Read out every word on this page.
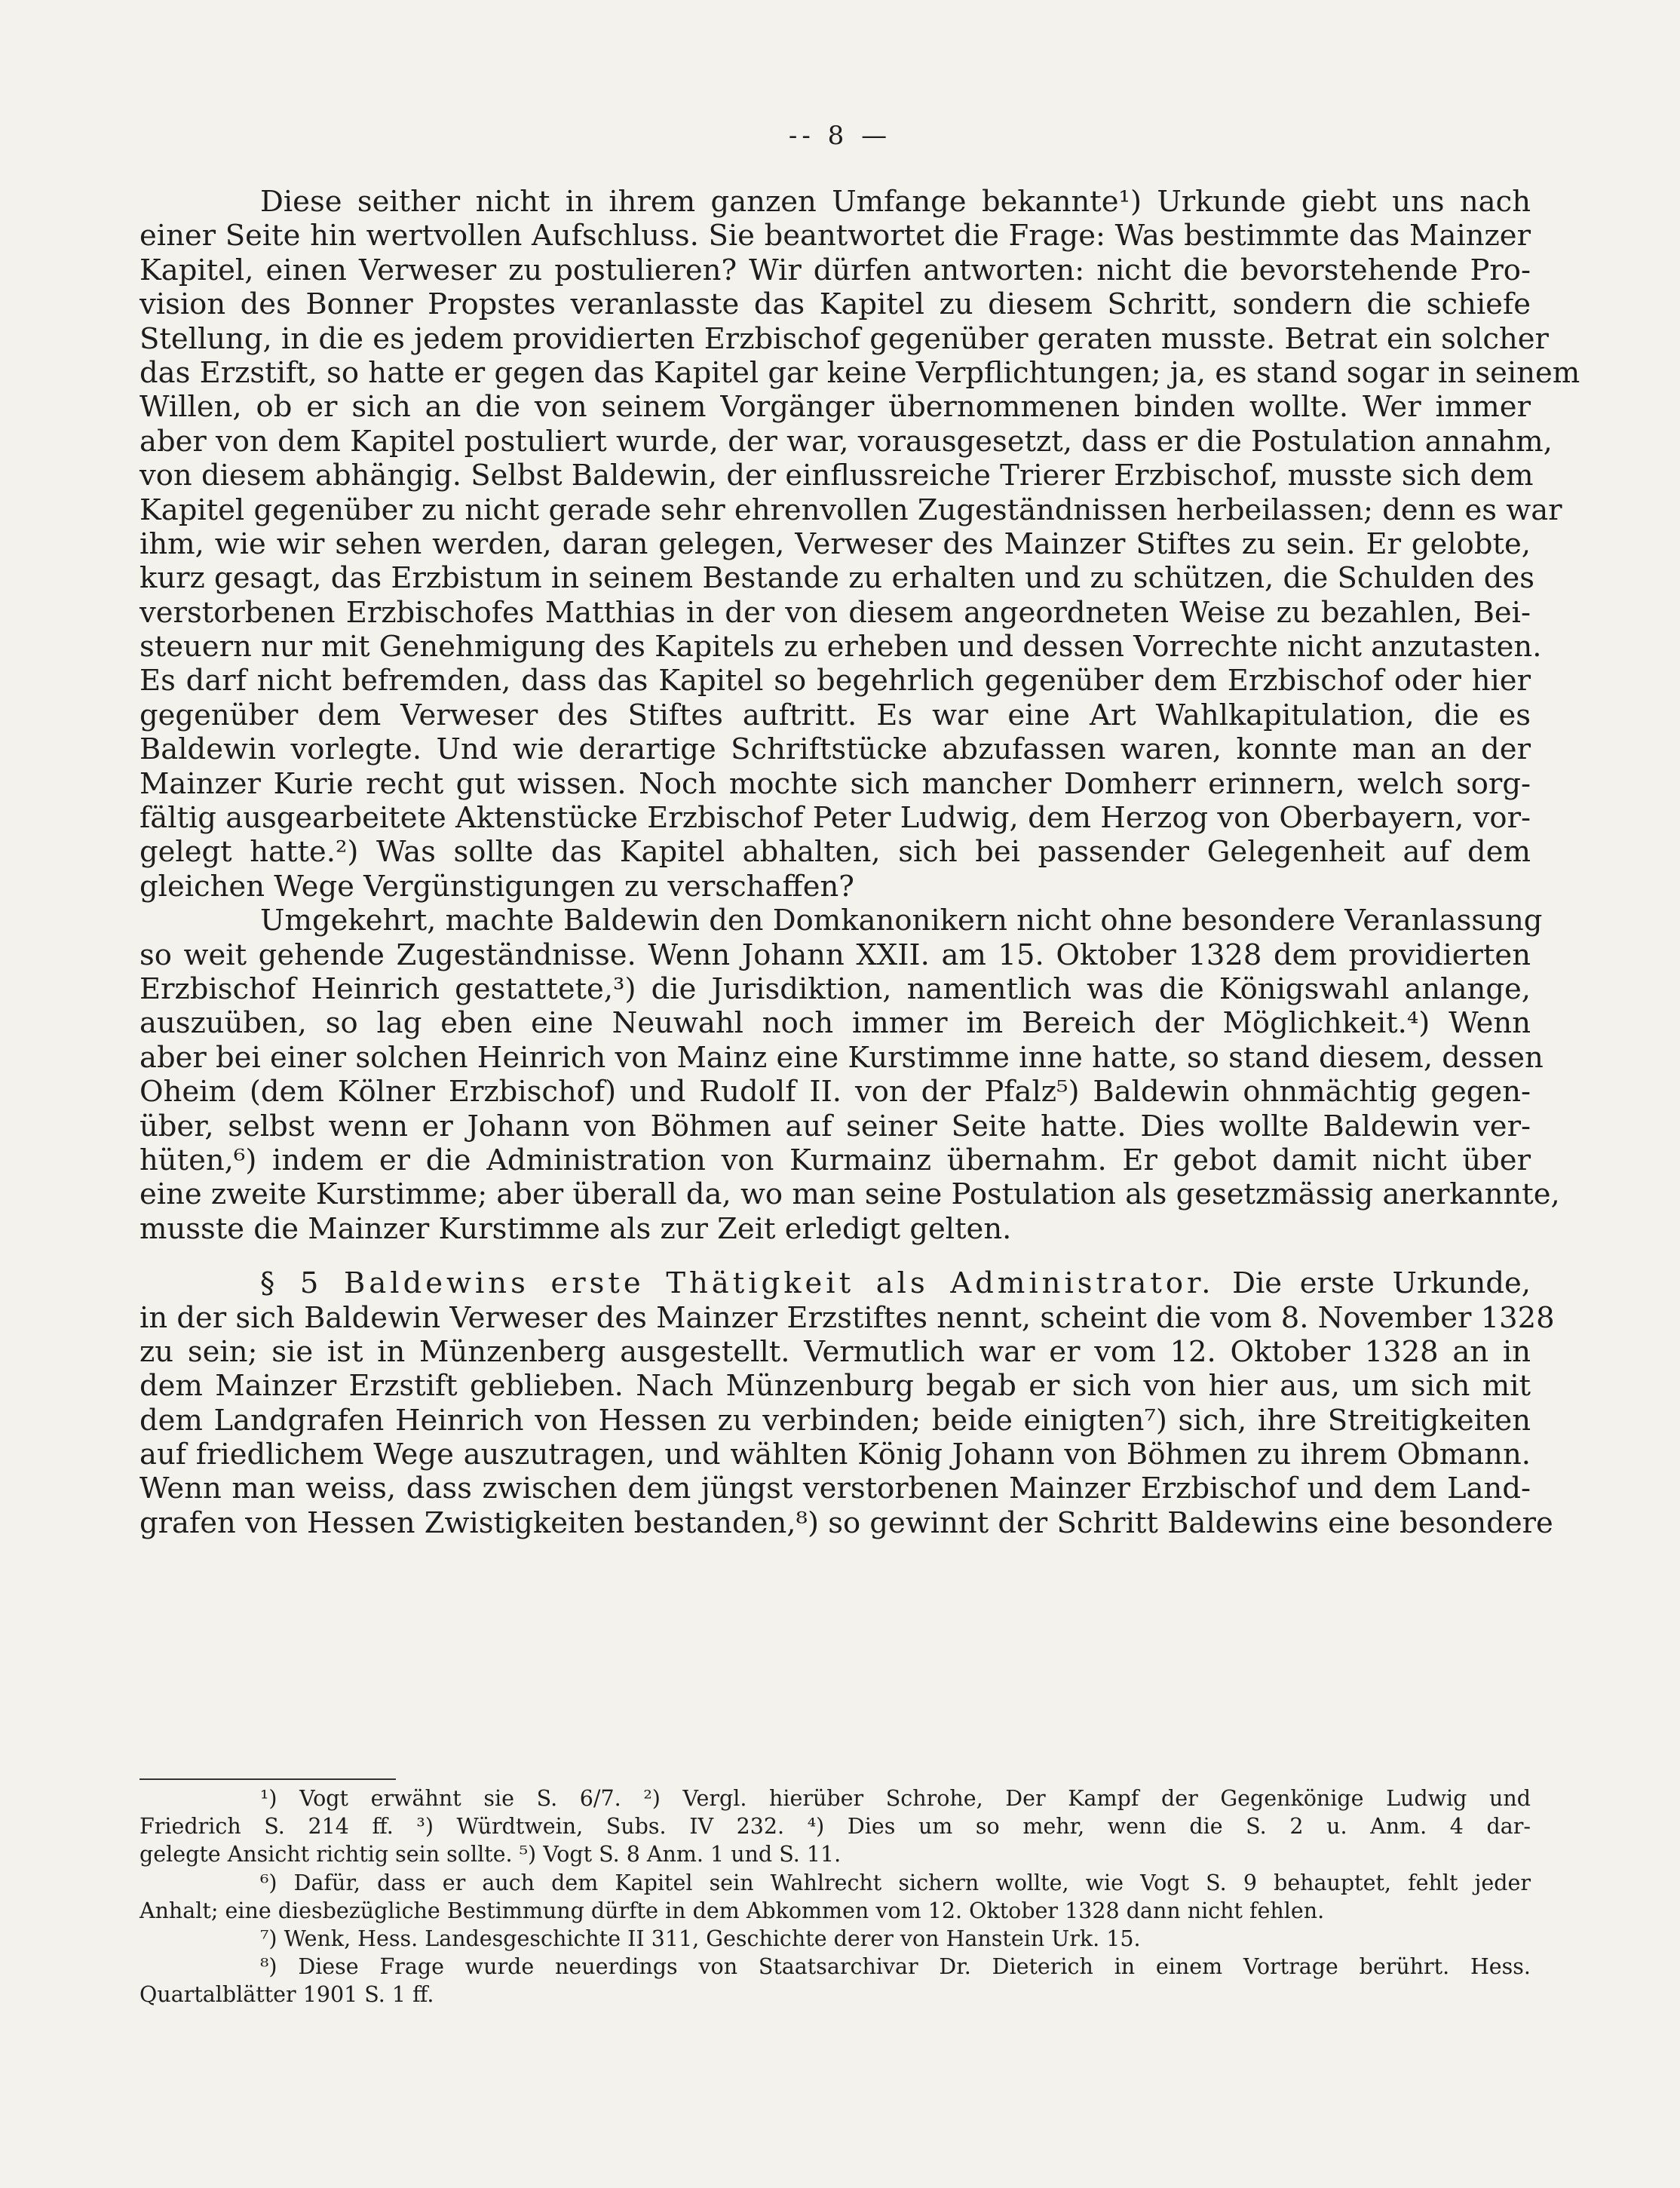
-- 8 —
Diese seither nicht in ihrem ganzen Umfange bekannte¹) Urkunde giebt uns nach
einer Seite hin wertvollen Aufschluss. Sie beantwortet die Frage: Was bestimmte das Mainzer
Kapitel, einen Verweser zu postulieren? Wir dürfen antworten: nicht die bevorstehende Pro-
vision des Bonner Propstes veranlasste das Kapitel zu diesem Schritt, sondern die schiefe
Stellung, in die es jedem providierten Erzbischof gegenüber geraten musste. Betrat ein solcher
das Erzstift, so hatte er gegen das Kapitel gar keine Verpflichtungen; ja, es stand sogar in seinem
Willen, ob er sich an die von seinem Vorgänger übernommenen binden wollte. Wer immer
aber von dem Kapitel postuliert wurde, der war, vorausgesetzt, dass er die Postulation annahm,
von diesem abhängig. Selbst Baldewin, der einflussreiche Trierer Erzbischof, musste sich dem
Kapitel gegenüber zu nicht gerade sehr ehrenvollen Zugeständnissen herbeilassen; denn es war
ihm, wie wir sehen werden, daran gelegen, Verweser des Mainzer Stiftes zu sein. Er gelobte,
kurz gesagt, das Erzbistum in seinem Bestande zu erhalten und zu schützen, die Schulden des
verstorbenen Erzbischofes Matthias in der von diesem angeordneten Weise zu bezahlen, Bei-
steuern nur mit Genehmigung des Kapitels zu erheben und dessen Vorrechte nicht anzutasten.
Es darf nicht befremden, dass das Kapitel so begehrlich gegenüber dem Erzbischof oder hier
gegenüber dem Verweser des Stiftes auftritt. Es war eine Art Wahlkapitulation, die es
Baldewin vorlegte. Und wie derartige Schriftstücke abzufassen waren, konnte man an der
Mainzer Kurie recht gut wissen. Noch mochte sich mancher Domherr erinnern, welch sorg-
fältig ausgearbeitete Aktenstücke Erzbischof Peter Ludwig, dem Herzog von Oberbayern, vor-
gelegt hatte.²) Was sollte das Kapitel abhalten, sich bei passender Gelegenheit auf dem
gleichen Wege Vergünstigungen zu verschaffen?
Umgekehrt, machte Baldewin den Domkanonikern nicht ohne besondere Veranlassung
so weit gehende Zugeständnisse. Wenn Johann XXII. am 15. Oktober 1328 dem providierten
Erzbischof Heinrich gestattete,³) die Jurisdiktion, namentlich was die Königswahl anlange,
auszuüben, so lag eben eine Neuwahl noch immer im Bereich der Möglichkeit.⁴) Wenn
aber bei einer solchen Heinrich von Mainz eine Kurstimme inne hatte, so stand diesem, dessen
Oheim (dem Kölner Erzbischof) und Rudolf II. von der Pfalz⁵) Baldewin ohnmächtig gegen-
über, selbst wenn er Johann von Böhmen auf seiner Seite hatte. Dies wollte Baldewin ver-
hüten,⁶) indem er die Administration von Kurmainz übernahm. Er gebot damit nicht über
eine zweite Kurstimme; aber überall da, wo man seine Postulation als gesetzmässig anerkannte,
musste die Mainzer Kurstimme als zur Zeit erledigt gelten.
§ 5 Baldewins erste Thätigkeit als Administrator. Die erste Urkunde,
in der sich Baldewin Verweser des Mainzer Erzstiftes nennt, scheint die vom 8. November 1328
zu sein; sie ist in Münzenberg ausgestellt. Vermutlich war er vom 12. Oktober 1328 an in
dem Mainzer Erzstift geblieben. Nach Münzenburg begab er sich von hier aus, um sich mit
dem Landgrafen Heinrich von Hessen zu verbinden; beide einigten⁷) sich, ihre Streitigkeiten
auf friedlichem Wege auszutragen, und wählten König Johann von Böhmen zu ihrem Obmann.
Wenn man weiss, dass zwischen dem jüngst verstorbenen Mainzer Erzbischof und dem Land-
grafen von Hessen Zwistigkeiten bestanden,⁸) so gewinnt der Schritt Baldewins eine besondere
¹) Vogt erwähnt sie S. 6/7. ²) Vergl. hierüber Schrohe, Der Kampf der Gegenkönige Ludwig und
Friedrich S. 214 ff. ³) Würdtwein, Subs. IV 232. ⁴) Dies um so mehr, wenn die S. 2 u. Anm. 4 dar-
gelegte Ansicht richtig sein sollte. ⁵) Vogt S. 8 Anm. 1 und S. 11.
⁶) Dafür, dass er auch dem Kapitel sein Wahlrecht sichern wollte, wie Vogt S. 9 behauptet, fehlt jeder
Anhalt; eine diesbezügliche Bestimmung dürfte in dem Abkommen vom 12. Oktober 1328 dann nicht fehlen.
⁷) Wenk, Hess. Landesgeschichte II 311, Geschichte derer von Hanstein Urk. 15.
⁸) Diese Frage wurde neuerdings von Staatsarchivar Dr. Dieterich in einem Vortrage berührt. Hess.
Quartalblätter 1901 S. 1 ff.
